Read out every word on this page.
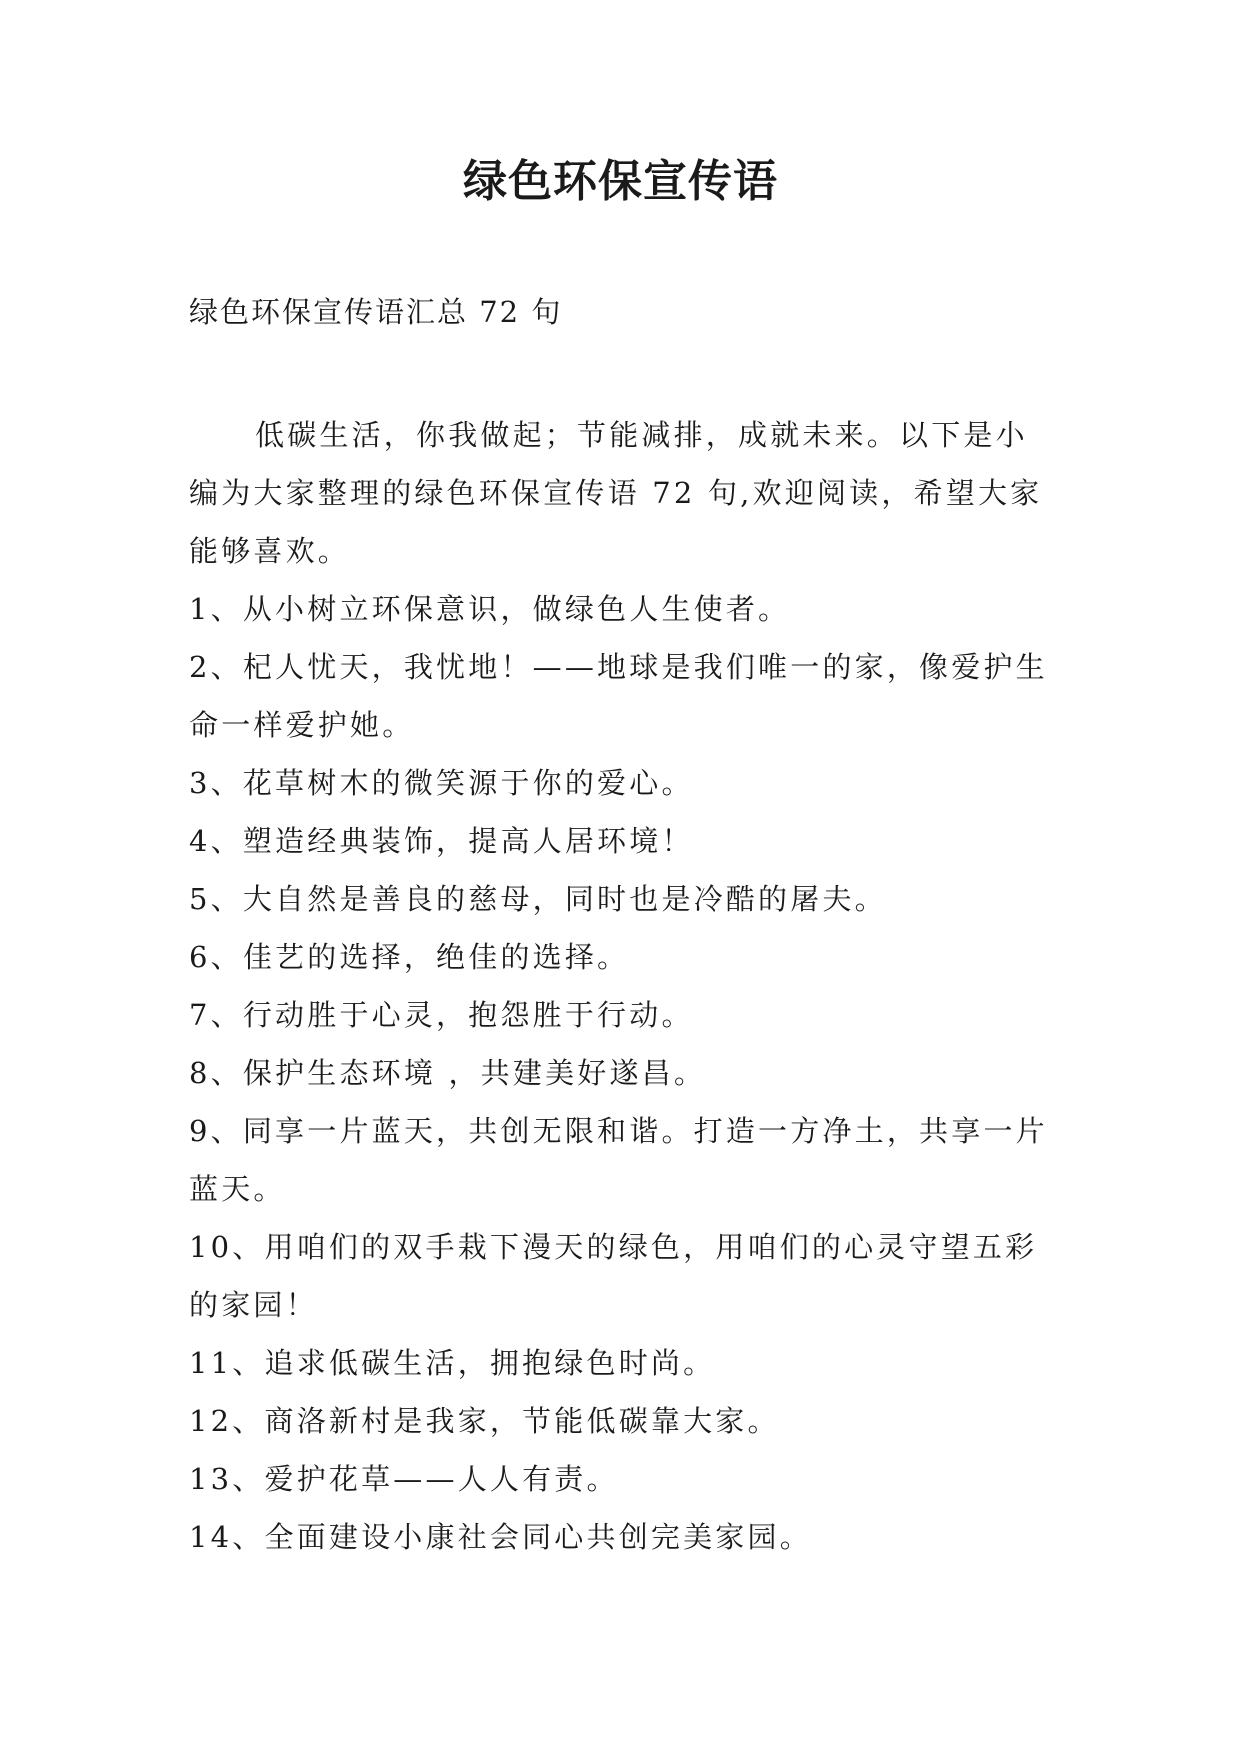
绿色环保宣传语
绿色环保宣传语汇总 72 句

低碳生活，你我做起；节能减排，成就未来。以下是小编为大家整理的绿色环保宣传语 72 句,欢迎阅读，希望大家能够喜欢。

1、从小树立环保意识，做绿色人生使者。

2、杞人忧天，我忧地！——地球是我们唯一的家，像爱护生命一样爱护她。

3、花草树木的微笑源于你的爱心。

4、塑造经典装饰，提高人居环境！

5、大自然是善良的慈母，同时也是冷酷的屠夫。

6、佳艺的选择，绝佳的选择。

7、行动胜于心灵，抱怨胜于行动。

8、保护生态环境 ，共建美好遂昌。

9、同享一片蓝天，共创无限和谐。打造一方净土，共享一片蓝天。

10、用咱们的双手栽下漫天的绿色，用咱们的心灵守望五彩的家园！

11、追求低碳生活，拥抱绿色时尚。

12、商洛新村是我家，节能低碳靠大家。

13、爱护花草——人人有责。

14、全面建设小康社会同心共创完美家园。
